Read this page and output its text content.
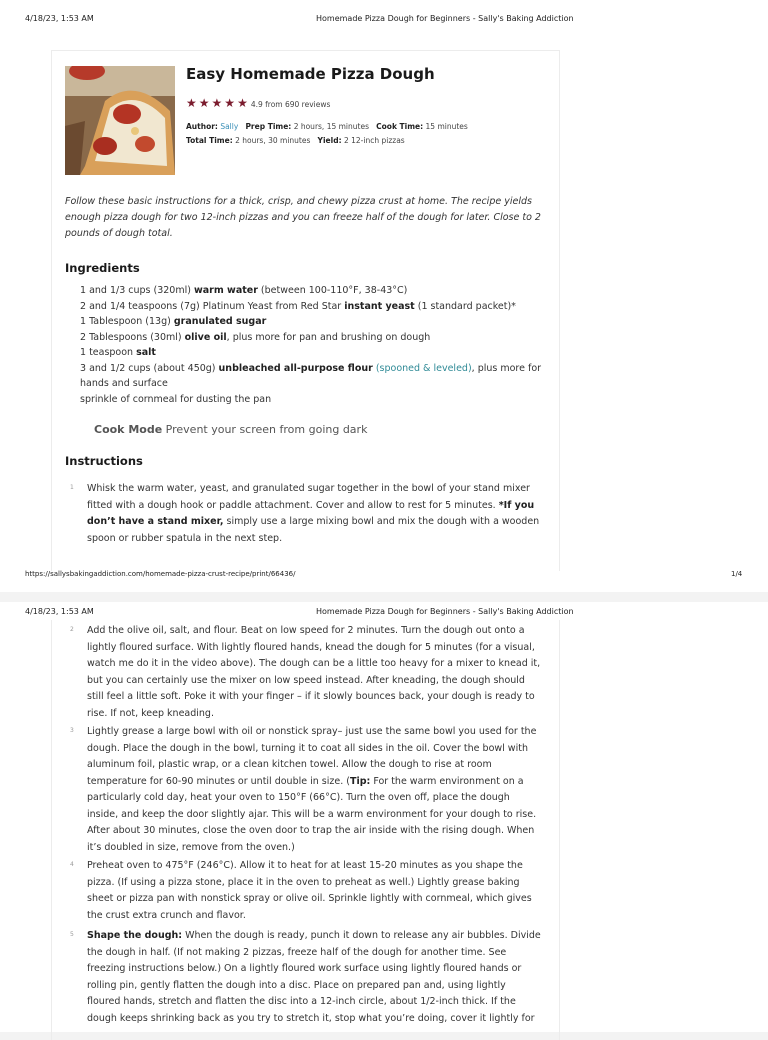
4/18/23, 1:53 AM	Homemade Pizza Dough for Beginners - Sally's Baking Addiction
Easy Homemade Pizza Dough
★ ★ ★ ★ ★ 4.9 from 690 reviews
Author: Sally Prep Time: 2 hours, 15 minutes Cook Time: 15 minutes
Total Time: 2 hours, 30 minutes Yield: 2 12-inch pizzas
Follow these basic instructions for a thick, crisp, and chewy pizza crust at home. The recipe yields enough pizza dough for two 12-inch pizzas and you can freeze half of the dough for later. Close to 2 pounds of dough total.
Ingredients
1 and 1/3 cups (320ml) warm water (between 100-110°F, 38-43°C)
2 and 1/4 teaspoons (7g) Platinum Yeast from Red Star instant yeast (1 standard packet)*
1 Tablespoon (13g) granulated sugar
2 Tablespoons (30ml) olive oil, plus more for pan and brushing on dough
1 teaspoon salt
3 and 1/2 cups (about 450g) unbleached all-purpose flour (spooned & leveled), plus more for hands and surface
sprinkle of cornmeal for dusting the pan
Cook Mode Prevent your screen from going dark
Instructions
1 Whisk the warm water, yeast, and granulated sugar together in the bowl of your stand mixer fitted with a dough hook or paddle attachment. Cover and allow to rest for 5 minutes. *If you don’t have a stand mixer, simply use a large mixing bowl and mix the dough with a wooden spoon or rubber spatula in the next step.
https://sallysbakingaddiction.com/homemade-pizza-crust-recipe/print/66436/	1/4
4/18/23, 1:53 AM	Homemade Pizza Dough for Beginners - Sally's Baking Addiction
2 Add the olive oil, salt, and flour. Beat on low speed for 2 minutes. Turn the dough out onto a lightly floured surface. With lightly floured hands, knead the dough for 5 minutes (for a visual, watch me do it in the video above). The dough can be a little too heavy for a mixer to knead it, but you can certainly use the mixer on low speed instead. After kneading, the dough should still feel a little soft. Poke it with your finger – if it slowly bounces back, your dough is ready to rise. If not, keep kneading.
3 Lightly grease a large bowl with oil or nonstick spray– just use the same bowl you used for the dough. Place the dough in the bowl, turning it to coat all sides in the oil. Cover the bowl with aluminum foil, plastic wrap, or a clean kitchen towel. Allow the dough to rise at room temperature for 60-90 minutes or until double in size. (Tip: For the warm environment on a particularly cold day, heat your oven to 150°F (66°C). Turn the oven off, place the dough inside, and keep the door slightly ajar. This will be a warm environment for your dough to rise. After about 30 minutes, close the oven door to trap the air inside with the rising dough. When it’s doubled in size, remove from the oven.)
4 Preheat oven to 475°F (246°C). Allow it to heat for at least 15-20 minutes as you shape the pizza. (If using a pizza stone, place it in the oven to preheat as well.) Lightly grease baking sheet or pizza pan with nonstick spray or olive oil. Sprinkle lightly with cornmeal, which gives the crust extra crunch and flavor.
5 Shape the dough: When the dough is ready, punch it down to release any air bubbles. Divide the dough in half. (If not making 2 pizzas, freeze half of the dough for another time. See freezing instructions below.) On a lightly floured work surface using lightly floured hands or rolling pin, gently flatten the dough into a disc. Place on prepared pan and, using lightly floured hands, stretch and flatten the disc into a 12-inch circle, about 1/2-inch thick. If the dough keeps shrinking back as you try to stretch it, stop what you’re doing, cover it lightly for
